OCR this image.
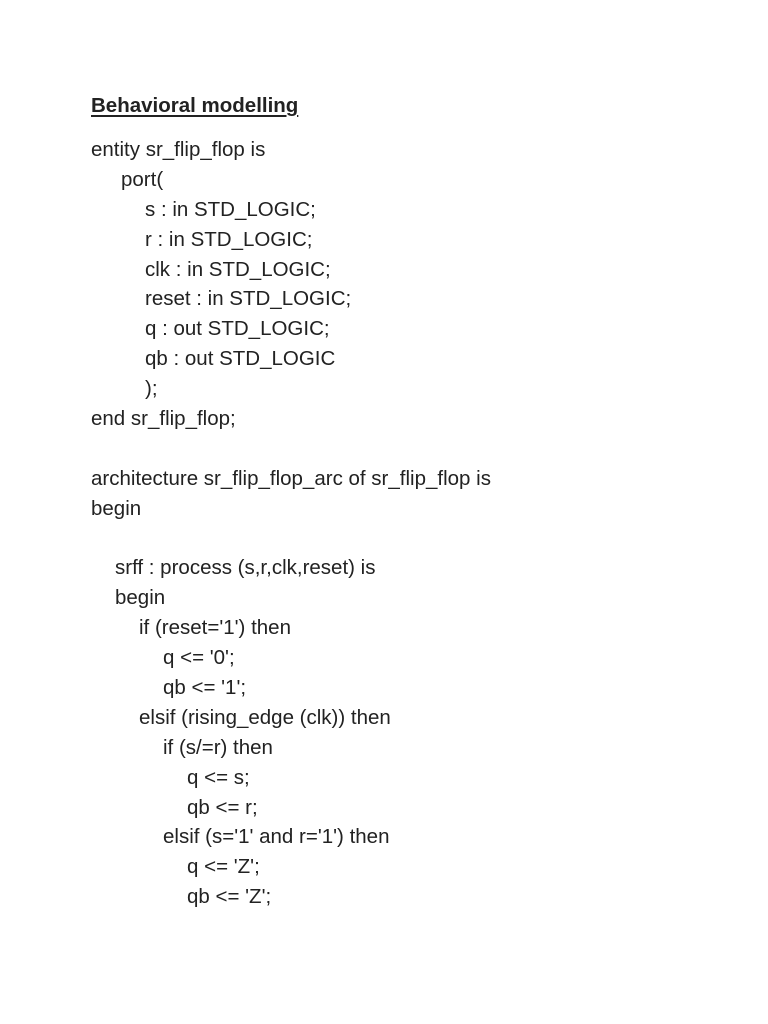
Behavioral modelling
entity sr_flip_flop is
port(
s : in STD_LOGIC;
r : in STD_LOGIC;
clk : in STD_LOGIC;
reset : in STD_LOGIC;
q : out STD_LOGIC;
qb : out STD_LOGIC
);
end sr_flip_flop;
architecture sr_flip_flop_arc of sr_flip_flop is
begin
srff : process (s,r,clk,reset) is
begin
if (reset='1') then
q <= '0';
qb <= '1';
elsif (rising_edge (clk)) then
if (s/=r) then
q <= s;
qb <= r;
elsif (s='1' and r='1') then
q <= 'Z';
qb <= 'Z';
